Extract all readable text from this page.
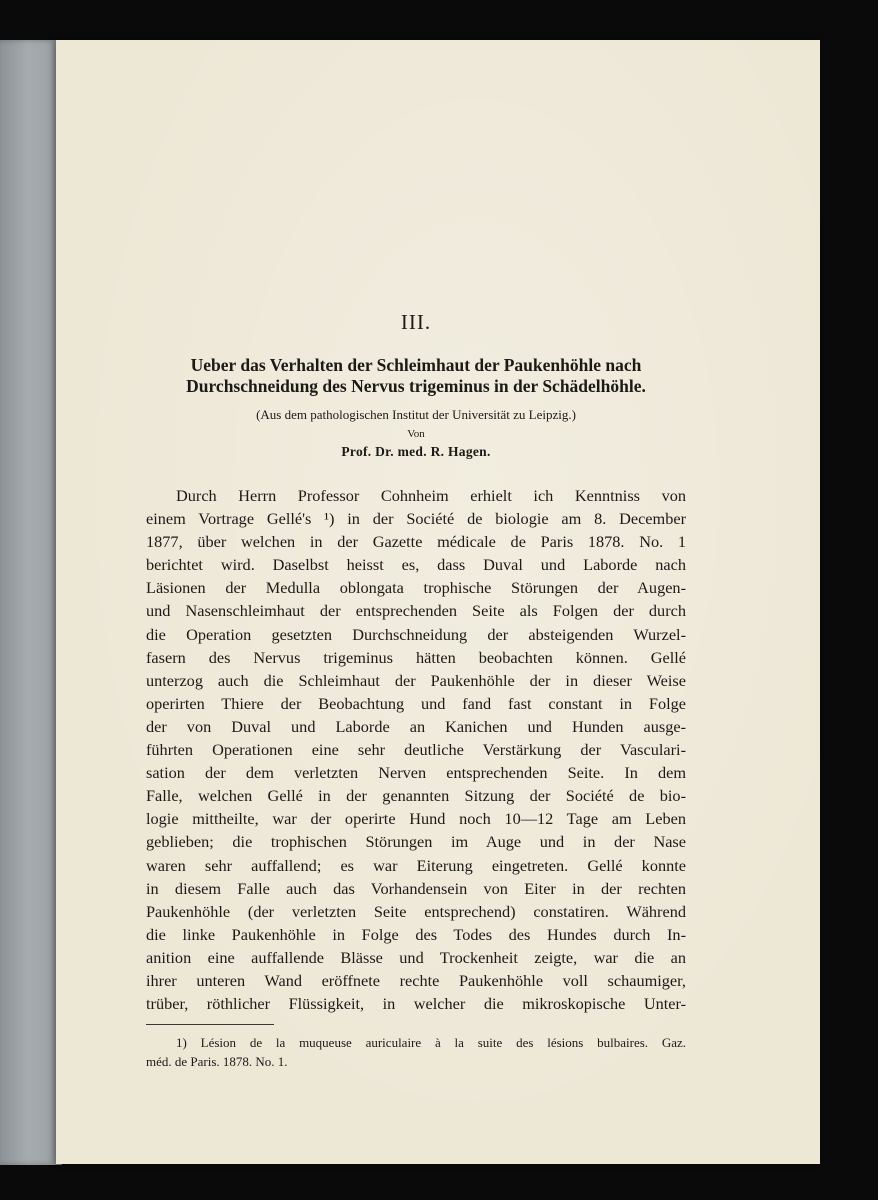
III.
Ueber das Verhalten der Schleimhaut der Paukenhöhle nach
Durchschneidung des Nervus trigeminus in der Schädelhöhle.
(Aus dem pathologischen Institut der Universität zu Leipzig.)
Von
Prof. Dr. med. R. Hagen.
Durch Herrn Professor Cohnheim erhielt ich Kenntniss von
einem Vortrage Gellé's ¹) in der Société de biologie am 8. December
1877, über welchen in der Gazette médicale de Paris 1878. No. 1
berichtet wird. Daselbst heisst es, dass Duval und Laborde nach
Läsionen der Medulla oblongata trophische Störungen der Augen-
und Nasenschleimhaut der entsprechenden Seite als Folgen der durch
die Operation gesetzten Durchschneidung der absteigenden Wurzel-
fasern des Nervus trigeminus hätten beobachten können. Gellé
unterzog auch die Schleimhaut der Paukenhöhle der in dieser Weise
operirten Thiere der Beobachtung und fand fast constant in Folge
der von Duval und Laborde an Kanichen und Hunden ausge-
führten Operationen eine sehr deutliche Verstärkung der Vasculari-
sation der dem verletzten Nerven entsprechenden Seite. In dem
Falle, welchen Gellé in der genannten Sitzung der Société de bio-
logie mittheilte, war der operirte Hund noch 10—12 Tage am Leben
geblieben; die trophischen Störungen im Auge und in der Nase
waren sehr auffallend; es war Eiterung eingetreten. Gellé konnte
in diesem Falle auch das Vorhandensein von Eiter in der rechten
Paukenhöhle (der verletzten Seite entsprechend) constatiren. Während
die linke Paukenhöhle in Folge des Todes des Hundes durch In-
anition eine auffallende Blässe und Trockenheit zeigte, war die an
ihrer unteren Wand eröffnete rechte Paukenhöhle voll schaumiger,
trüber, röthlicher Flüssigkeit, in welcher die mikroskopische Unter-
1) Lésion de la muqueuse auriculaire à la suite des lésions bulbaires. Gaz.
méd. de Paris. 1878. No. 1.
